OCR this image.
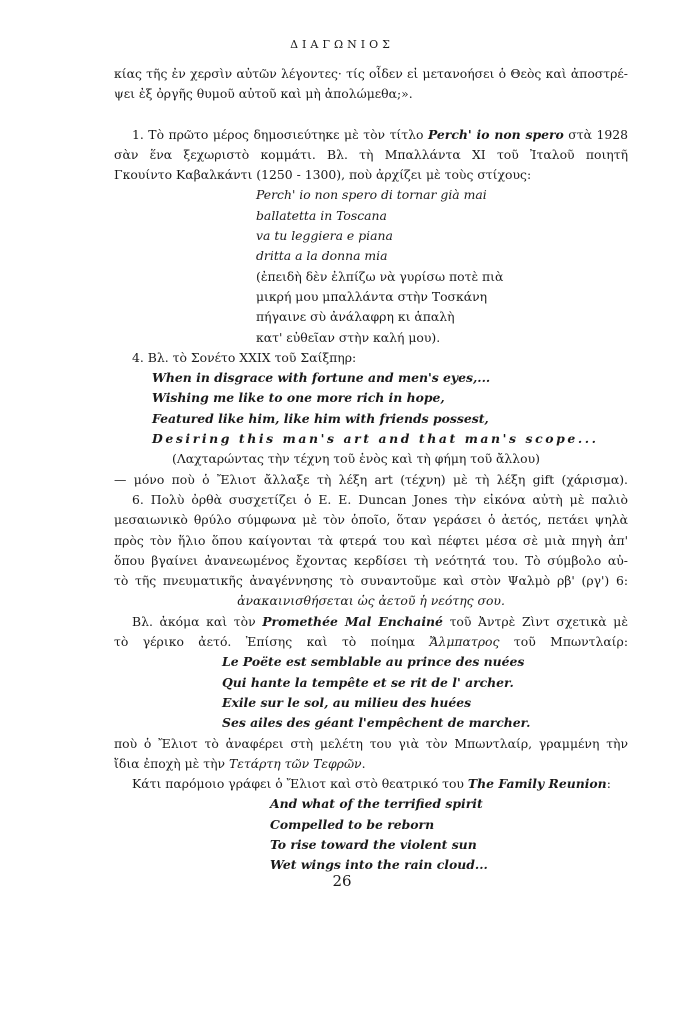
ΔΙΑΓΩΝΙΟΣ
κίας τῆς ἐν χερσὶν αὐτῶν λέγοντες· τίς οἶδεν εἰ μετανοήσει ὁ Θεὸς καὶ ἀποστρέ-
ψει ἐξ ὀργῆς θυμοῦ αὐτοῦ καὶ μὴ ἀπολώμεθα;».
1. Τὸ πρῶτο μέρος δημοσιεύτηκε μὲ τὸν τίτλο Perch' io non spero στὰ 1928
σὰν ἕνα ξεχωριστὸ κομμάτι. Βλ. τὴ Μπαλλάντα XI τοῦ Ἰταλοῦ ποιητῆ
Γκουίντο Καβαλκάντι (1250 - 1300), ποὺ ἀρχίζει μὲ τοὺς στίχους:
Perch' io non spero di tornar già mai
ballatetta in Toscana
va tu leggiera e piana
dritta a la donna mia
(ἐπειδὴ δὲν ἐλπίζω νὰ γυρίσω ποτὲ πιὰ
μικρή μου μπαλλάντα στὴν Τοσκάνη
πήγαινε σὺ ἀνάλαφρη κι ἁπαλὴ
κατ' εὐθεῖαν στὴν καλή μου).
4. Βλ. τὸ Σονέτο XXIX τοῦ Σαίξπηρ:
When in disgrace with fortune and men's eyes,...
Wishing me like to one more rich in hope,
Featured like him, like him with friends possest,
Desiring this man's art and that man's scope...
(Λαχταρώντας τὴν τέχνη τοῦ ἑνὸς καὶ τὴ φήμη τοῦ ἄλλου)
— μόνο ποὺ ὁ Ἔλιοτ ἄλλαξε τὴ λέξη art (τέχνη) μὲ τὴ λέξη gift (χάρισμα).
6. Πολὺ ὀρθὰ συσχετίζει ὁ E. E. Duncan Jones τὴν εἰκόνα αὐτὴ μὲ παλιὸ
μεσαιωνικὸ θρύλο σύμφωνα μὲ τὸν ὁποῖο, ὅταν γεράσει ὁ ἀετός, πετάει ψηλὰ
πρὸς τὸν ἥλιο ὅπου καίγονται τὰ φτερά του καὶ πέφτει μέσα σὲ μιὰ πηγὴ ἀπ'
ὅπου βγαίνει ἀνανεωμένος ἔχοντας κερδίσει τὴ νεότητά του. Τὸ σύμβολο αὐ-
τὸ τῆς πνευματικῆς ἀναγέννησης τὸ συναντοῦμε καὶ στὸν Ψαλμὸ ρβ' (ργ') 6:
ἀνακαινισθήσεται ὡς ἀετοῦ ἡ νεότης σου.
Βλ. ἀκόμα καὶ τὸν Promethée Mal Enchainé τοῦ Ἀντρὲ Ζὶντ σχετικὰ μὲ
τὸ γέρικο ἀετό. Ἐπίσης καὶ τὸ ποίημα Ἄλμπατρος τοῦ Μπωντλαίρ:
Le Poëte est semblable au prince des nuées
Qui hante la tempête et se rit de l' archer.
Exile sur le sol, au milieu des huées
Ses ailes des géant l'empêchent de marcher.
ποὺ ὁ Ἔλιοτ τὸ ἀναφέρει στὴ μελέτη του γιὰ τὸν Μπωντλαίρ, γραμμένη τὴν
ἴδια ἐποχὴ μὲ τὴν Τετάρτη τῶν Τεφρῶν.
Κάτι παρόμοιο γράφει ὁ Ἔλιοτ καὶ στὸ θεατρικό του The Family Reunion:
And what of the terrified spirit
Compelled to be reborn
To rise toward the violent sun
Wet wings into the rain cloud...
26
